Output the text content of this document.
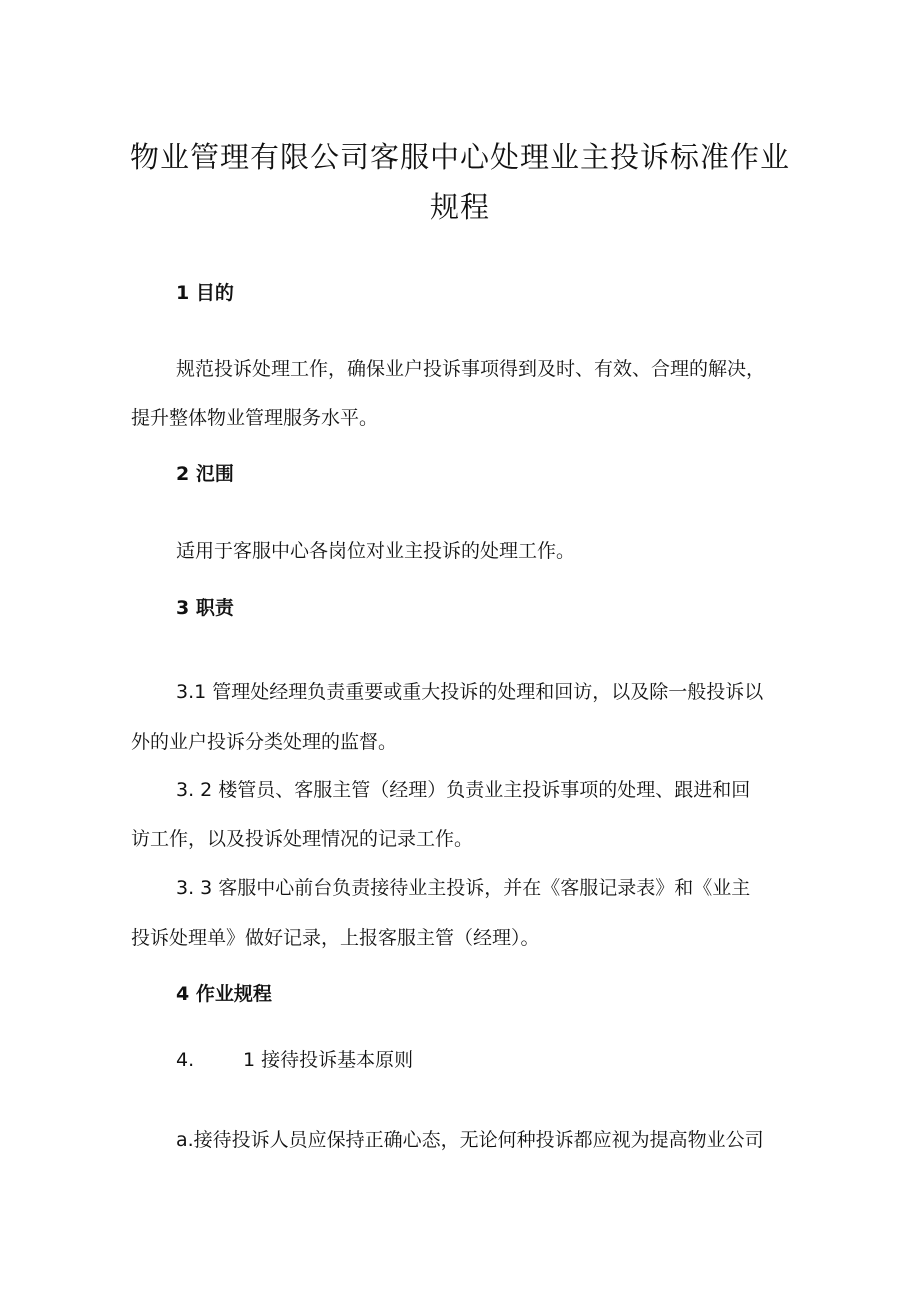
物业管理有限公司客服中心处理业主投诉标准作业
规程
1 目的
规范投诉处理工作，确保业户投诉事项得到及时、有效、合理的解决，
提升整体物业管理服务水平。
2 氾围
适用于客服中心各岗位对业主投诉的处理工作。
3 职责
3.1 管理处经理负责重要或重大投诉的处理和回访，以及除一般投诉以
外的业户投诉分类处理的监督。
3. 2 楼管员、客服主管（经理）负责业主投诉事项的处理、跟进和回
访工作，以及投诉处理情况的记录工作。
3. 3 客服中心前台负责接待业主投诉，并在《客服记录表》和《业主
投诉处理单》做好记录，上报客服主管（经理）。
4 作业规程
4.	1 接待投诉基本原则
a.接待投诉人员应保持正确心态，无论何种投诉都应视为提高物业公司
